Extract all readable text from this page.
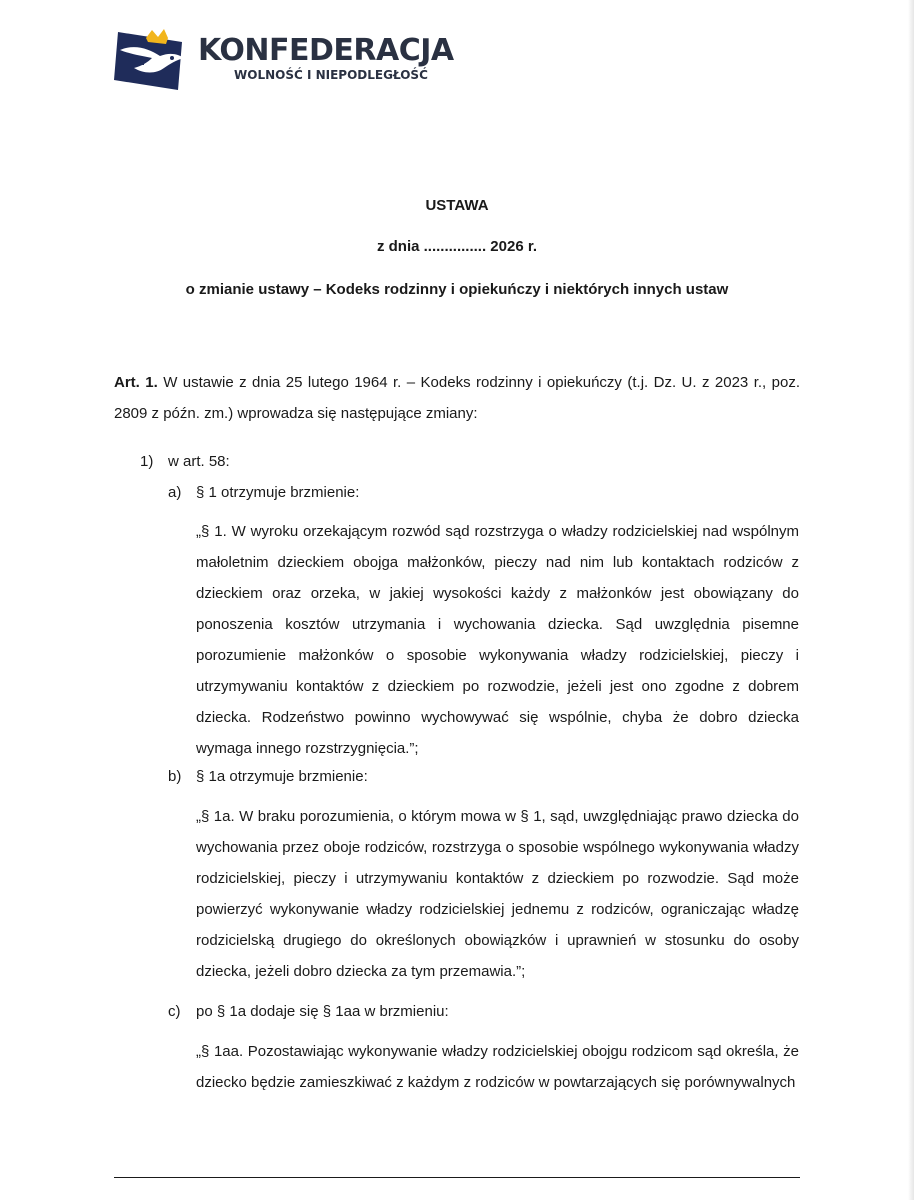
KONFEDERACJA
WOLNOŚĆ I NIEPODLEGŁOŚĆ
USTAWA
z dnia ............... 2026 r.
o zmianie ustawy – Kodeks rodzinny i opiekuńczy i niektórych innych ustaw
Art. 1. W ustawie z dnia 25 lutego 1964 r. – Kodeks rodzinny i opiekuńczy (t.j. Dz. U. z 2023 r., poz. 2809 z późn. zm.) wprowadza się następujące zmiany:
1) w art. 58:
a) § 1 otrzymuje brzmienie:
„§ 1. W wyroku orzekającym rozwód sąd rozstrzyga o władzy rodzicielskiej nad wspólnym małoletnim dzieckiem obojga małżonków, pieczy nad nim lub kontaktach rodziców z dzieckiem oraz orzeka, w jakiej wysokości każdy z małżonków jest obowiązany do ponoszenia kosztów utrzymania i wychowania dziecka. Sąd uwzględnia pisemne porozumienie małżonków o sposobie wykonywania władzy rodzicielskiej, pieczy i utrzymywaniu kontaktów z dzieckiem po rozwodzie, jeżeli jest ono zgodne z dobrem dziecka. Rodzeństwo powinno wychowywać się wspólnie, chyba że dobro dziecka wymaga innego rozstrzygnięcia.”;
b) § 1a otrzymuje brzmienie:
„§ 1a. W braku porozumienia, o którym mowa w § 1, sąd, uwzględniając prawo dziecka do wychowania przez oboje rodziców, rozstrzyga o sposobie wspólnego wykonywania władzy rodzicielskiej, pieczy i utrzymywaniu kontaktów z dzieckiem po rozwodzie. Sąd może powierzyć wykonywanie władzy rodzicielskiej jednemu z rodziców, ograniczając władzę rodzicielską drugiego do określonych obowiązków i uprawnień w stosunku do osoby dziecka, jeżeli dobro dziecka za tym przemawia.”;
c) po § 1a dodaje się § 1aa w brzmieniu:
„§ 1aa. Pozostawiając wykonywanie władzy rodzicielskiej obojgu rodzicom sąd określa, że dziecko będzie zamieszkiwać z każdym z rodziców w powtarzających się porównywalnych
